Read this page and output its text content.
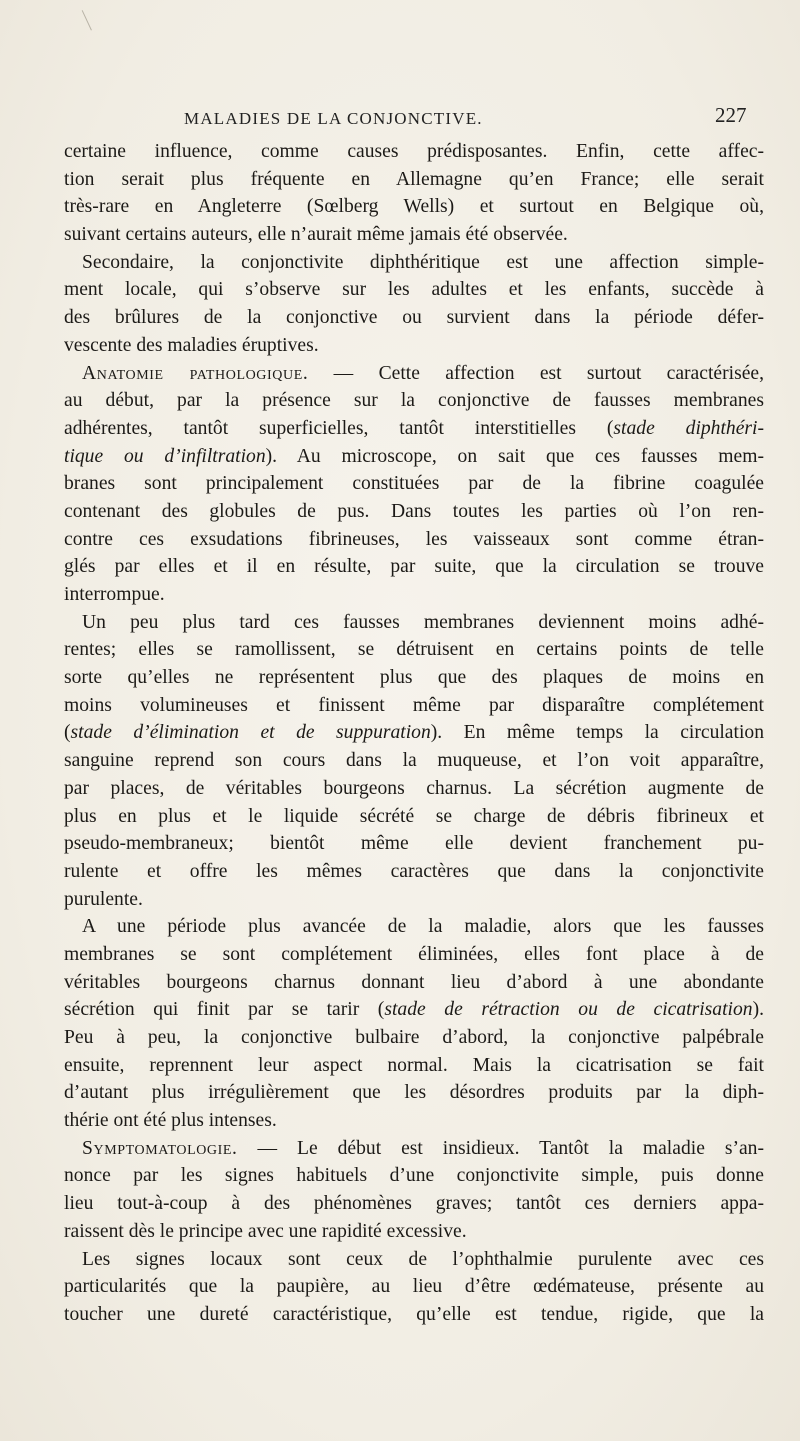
MALADIES DE LA CONJONCTIVE.	227
certaine influence, comme causes prédisposantes. Enfin, cette affec-
tion serait plus fréquente en Allemagne qu’en France; elle serait
très-rare en Angleterre (Sœlberg Wells) et surtout en Belgique où,
suivant certains auteurs, elle n’aurait même jamais été observée.
Secondaire, la conjonctivite diphthéritique est une affection simple-
ment locale, qui s’observe sur les adultes et les enfants, succède à
des brûlures de la conjonctive ou survient dans la période défer-
vescente des maladies éruptives.
Anatomie pathologique. — Cette affection est surtout caractérisée,
au début, par la présence sur la conjonctive de fausses membranes
adhérentes, tantôt superficielles, tantôt interstitielles (stade diphthéri-
tique ou d’infiltration). Au microscope, on sait que ces fausses mem-
branes sont principalement constituées par de la fibrine coagulée
contenant des globules de pus. Dans toutes les parties où l’on ren-
contre ces exsudations fibrineuses, les vaisseaux sont comme étran-
glés par elles et il en résulte, par suite, que la circulation se trouve
interrompue.
Un peu plus tard ces fausses membranes deviennent moins adhé-
rentes; elles se ramollissent, se détruisent en certains points de telle
sorte qu’elles ne représentent plus que des plaques de moins en
moins volumineuses et finissent même par disparaître complétement
(stade d’élimination et de suppuration). En même temps la circulation
sanguine reprend son cours dans la muqueuse, et l’on voit apparaître,
par places, de véritables bourgeons charnus. La sécrétion augmente de
plus en plus et le liquide sécrété se charge de débris fibrineux et
pseudo-membraneux; bientôt même elle devient franchement pu-
rulente et offre les mêmes caractères que dans la conjonctivite
purulente.
A une période plus avancée de la maladie, alors que les fausses
membranes se sont complétement éliminées, elles font place à de
véritables bourgeons charnus donnant lieu d’abord à une abondante
sécrétion qui finit par se tarir (stade de rétraction ou de cicatrisation).
Peu à peu, la conjonctive bulbaire d’abord, la conjonctive palpébrale
ensuite, reprennent leur aspect normal. Mais la cicatrisation se fait
d’autant plus irrégulièrement que les désordres produits par la diph-
thérie ont été plus intenses.
Symptomatologie. — Le début est insidieux. Tantôt la maladie s’an-
nonce par les signes habituels d’une conjonctivite simple, puis donne
lieu tout-à-coup à des phénomènes graves; tantôt ces derniers appa-
raissent dès le principe avec une rapidité excessive.
Les signes locaux sont ceux de l’ophthalmie purulente avec ces
particularités que la paupière, au lieu d’être œdémateuse, présente au
toucher une dureté caractéristique, qu’elle est tendue, rigide, que la
